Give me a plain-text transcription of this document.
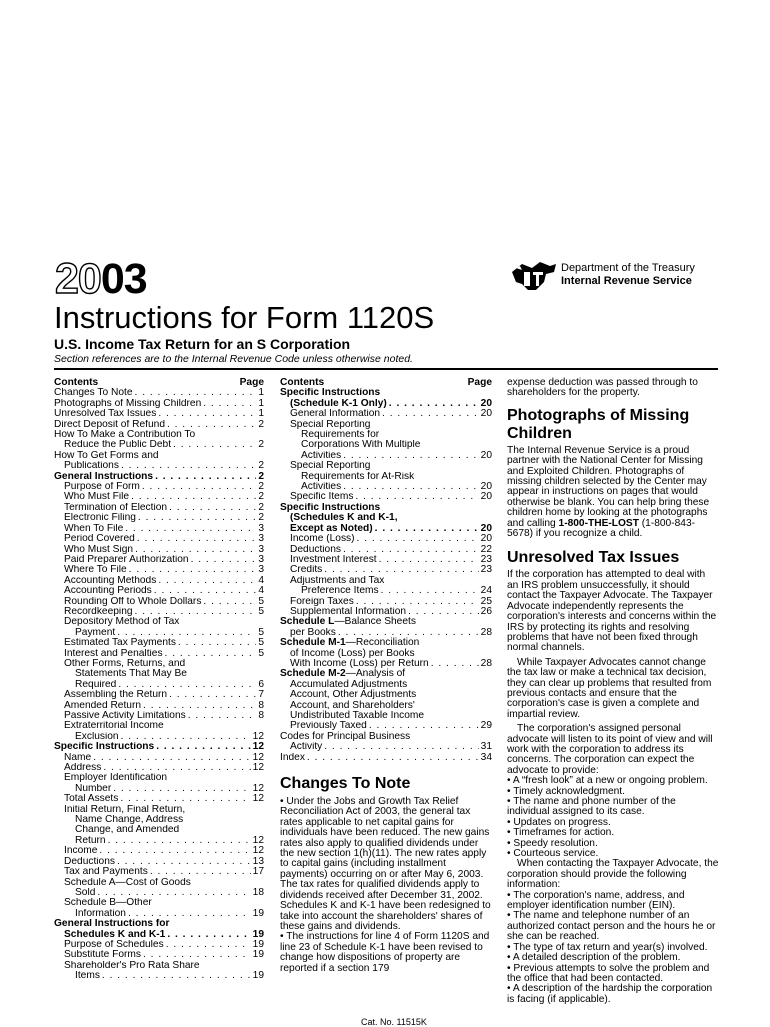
2003	Department of the Treasury
Internal Revenue Service
Instructions for Form 1120S
U.S. Income Tax Return for an S Corporation
Section references are to the Internal Revenue Code unless otherwise noted.
Contents	Page
Changes To Note . . .	1
Photographs of Missing Children . . .	1
Unresolved Tax Issues . . .	1
Direct Deposit of Refund . . .	2
How To Make a Contribution To
Reduce the Public Debt . . .	2
How To Get Forms and
Publications . . .	2
General Instructions . . .	2
Purpose of Form . . .	2
Who Must File . . .	2
Termination of Election . . .	2
Electronic Filing . . .	2
When To File . . .	3
Period Covered . . .	3
Who Must Sign . . .	3
Paid Preparer Authorization . . .	3
Where To File . . .	3
Accounting Methods . . .	4
Accounting Periods . . .	4
Rounding Off to Whole Dollars . . .	5
Recordkeeping . . .	5
Depository Method of Tax
Payment . . .	5
Estimated Tax Payments . . .	5
Interest and Penalties . . .	5
Other Forms, Returns, and
Statements That May Be
Required . . .	6
Assembling the Return . . .	7
Amended Return . . .	8
Passive Activity Limitations . . .	8
Extraterritorial Income
Exclusion . . .	12
Specific Instructions . . .	12
Name . . .	12
Address . . .	12
Employer Identification
Number . . .	12
Total Assets . . .	12
Initial Return, Final Return,
Name Change, Address
Change, and Amended
Return . . .	12
Income . . .	12
Deductions . . .	13
Tax and Payments . . .	17
Schedule A—Cost of Goods
Sold . . .	18
Schedule B—Other
Information . . .	19
General Instructions for
Schedules K and K-1 . . .	19
Purpose of Schedules . . .	19
Substitute Forms . . .	19
Shareholder's Pro Rata Share
Items . . .	19
Contents	Page
Specific Instructions
(Schedule K-1 Only) . . .	20
General Information . . .	20
Special Reporting
Requirements for
Corporations With Multiple
Activities . . .	20
Special Reporting
Requirements for At-Risk
Activities . . .	20
Specific Items . . .	20
Specific Instructions
(Schedules K and K-1,
Except as Noted) . . .	20
Income (Loss) . . .	20
Deductions . . .	22
Investment Interest . . .	23
Credits . . .	23
Adjustments and Tax
Preference Items . . .	24
Foreign Taxes . . .	25
Supplemental Information . . .	26
Schedule L—Balance Sheets
per Books . . .	28
Schedule M-1—Reconciliation
of Income (Loss) per Books
With Income (Loss) per Return . . .	28
Schedule M-2—Analysis of
Accumulated Adjustments
Account, Other Adjustments
Account, and Shareholders'
Undistributed Taxable Income
Previously Taxed . . .	29
Codes for Principal Business
Activity . . .	31
Index . . .	34
Changes To Note

• Under the Jobs and Growth Tax Relief Reconciliation Act of 2003, the general tax rates applicable to net capital gains for individuals have been reduced. The new gains rates also apply to qualified dividends under the new section 1(h)(11). The new rates apply to capital gains (including installment payments) occurring on or after May 6, 2003. The tax rates for qualified dividends apply to dividends received after December 31, 2002. Schedules K and K-1 have been redesigned to take into account the shareholders' shares of these gains and dividends.

• The instructions for line 4 of Form 1120S and line 23 of Schedule K-1 have been revised to change how dispositions of property are reported if a section 179

expense deduction was passed through to shareholders for the property.

Photographs of Missing Children

The Internal Revenue Service is a proud partner with the National Center for Missing and Exploited Children. Photographs of missing children selected by the Center may appear in instructions on pages that would otherwise be blank. You can help bring these children home by looking at the photographs and calling 1-800-THE-LOST (1-800-843-5678) if you recognize a child.

Unresolved Tax Issues

If the corporation has attempted to deal with an IRS problem unsuccessfully, it should contact the Taxpayer Advocate. The Taxpayer Advocate independently represents the corporation's interests and concerns within the IRS by protecting its rights and resolving problems that have not been fixed through normal channels.

While Taxpayer Advocates cannot change the tax law or make a technical tax decision, they can clear up problems that resulted from previous contacts and ensure that the corporation's case is given a complete and impartial review.

The corporation's assigned personal advocate will listen to its point of view and will work with the corporation to address its concerns. The corporation can expect the advocate to provide:

• A “fresh look” at a new or ongoing problem.

• Timely acknowledgment.

• The name and phone number of the individual assigned to its case.

• Updates on progress.

• Timeframes for action.

• Speedy resolution.

• Courteous service.

When contacting the Taxpayer Advocate, the corporation should provide the following information:

• The corporation's name, address, and employer identification number (EIN).

• The name and telephone number of an authorized contact person and the hours he or she can be reached.

• The type of tax return and year(s) involved.

• A detailed description of the problem.

• Previous attempts to solve the problem and the office that had been contacted.

• A description of the hardship the corporation is facing (if applicable).

Cat. No. 11515K
